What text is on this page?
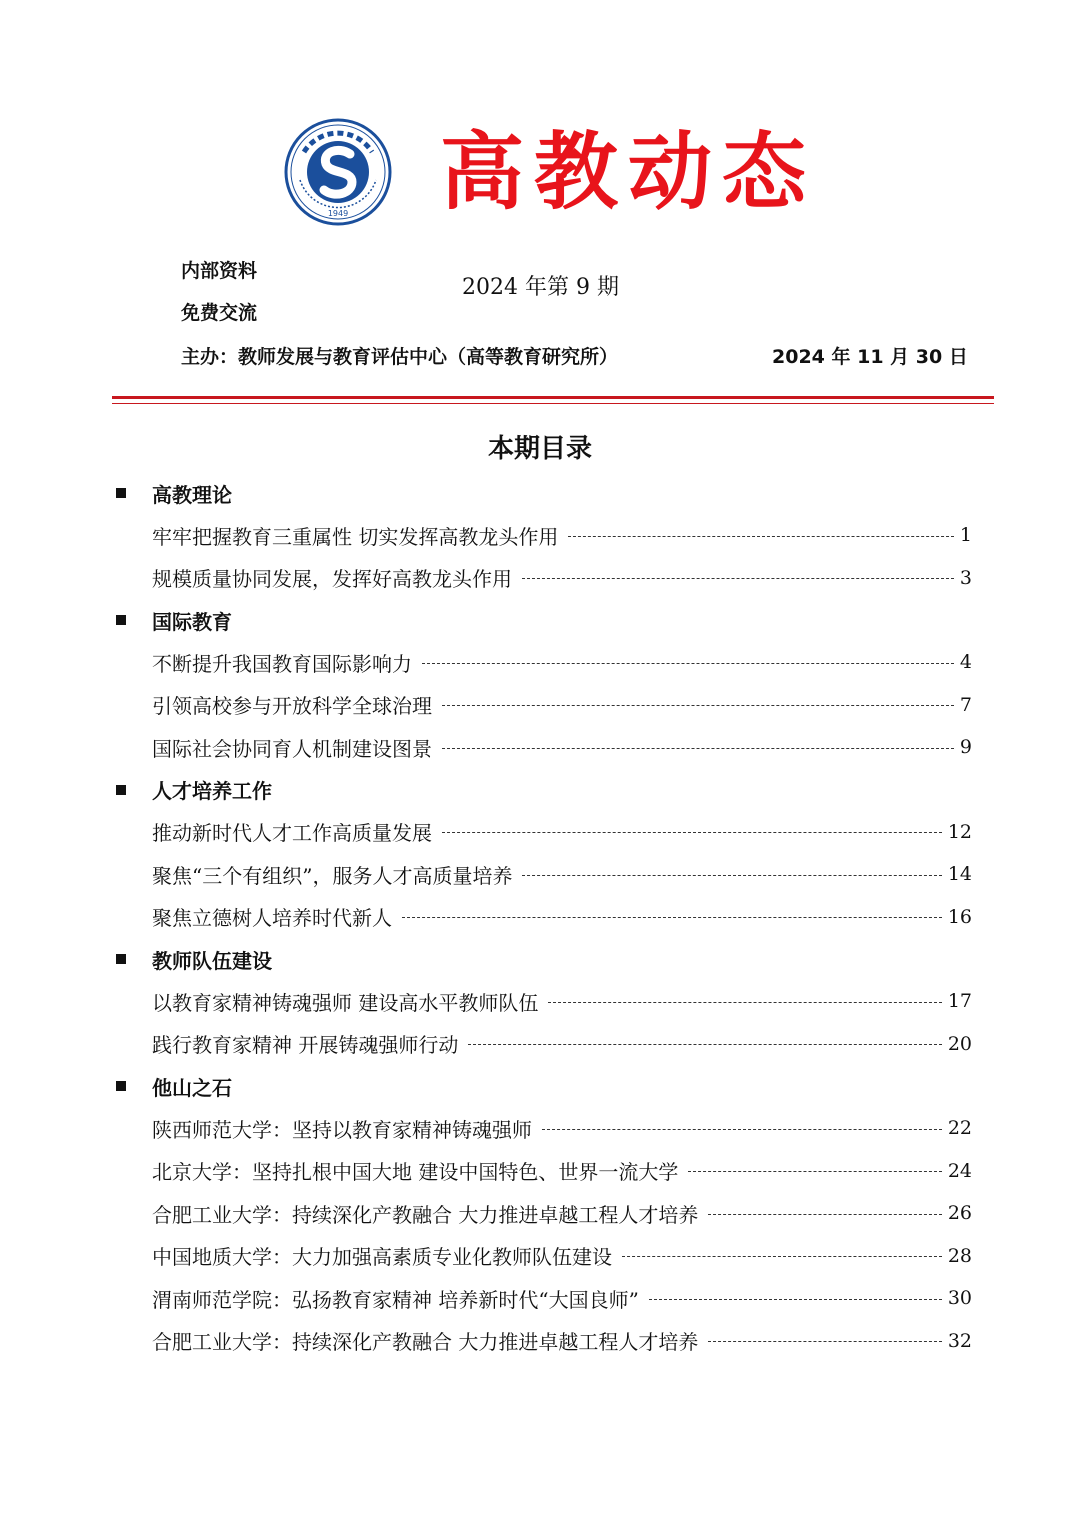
1949 高教动态
内部资料
免费交流
2024 年第 9 期
主办：教师发展与教育评估中心（高等教育研究所）	2024 年 11 月 30 日
本期目录
高教理论
牢牢把握教育三重属性 切实发挥高教龙头作用	1
规模质量协同发展，发挥好高教龙头作用	3
国际教育
不断提升我国教育国际影响力	4
引领高校参与开放科学全球治理	7
国际社会协同育人机制建设图景	9
人才培养工作
推动新时代人才工作高质量发展	12
聚焦“三个有组织”，服务人才高质量培养	14
聚焦立德树人培养时代新人	16
教师队伍建设
以教育家精神铸魂强师 建设高水平教师队伍	17
践行教育家精神 开展铸魂强师行动	20
他山之石
陕西师范大学：坚持以教育家精神铸魂强师	22
北京大学：坚持扎根中国大地 建设中国特色、世界一流大学	24
合肥工业大学：持续深化产教融合 大力推进卓越工程人才培养	26
中国地质大学：大力加强高素质专业化教师队伍建设	28
渭南师范学院：弘扬教育家精神 培养新时代“大国良师”	30
合肥工业大学：持续深化产教融合 大力推进卓越工程人才培养	32
